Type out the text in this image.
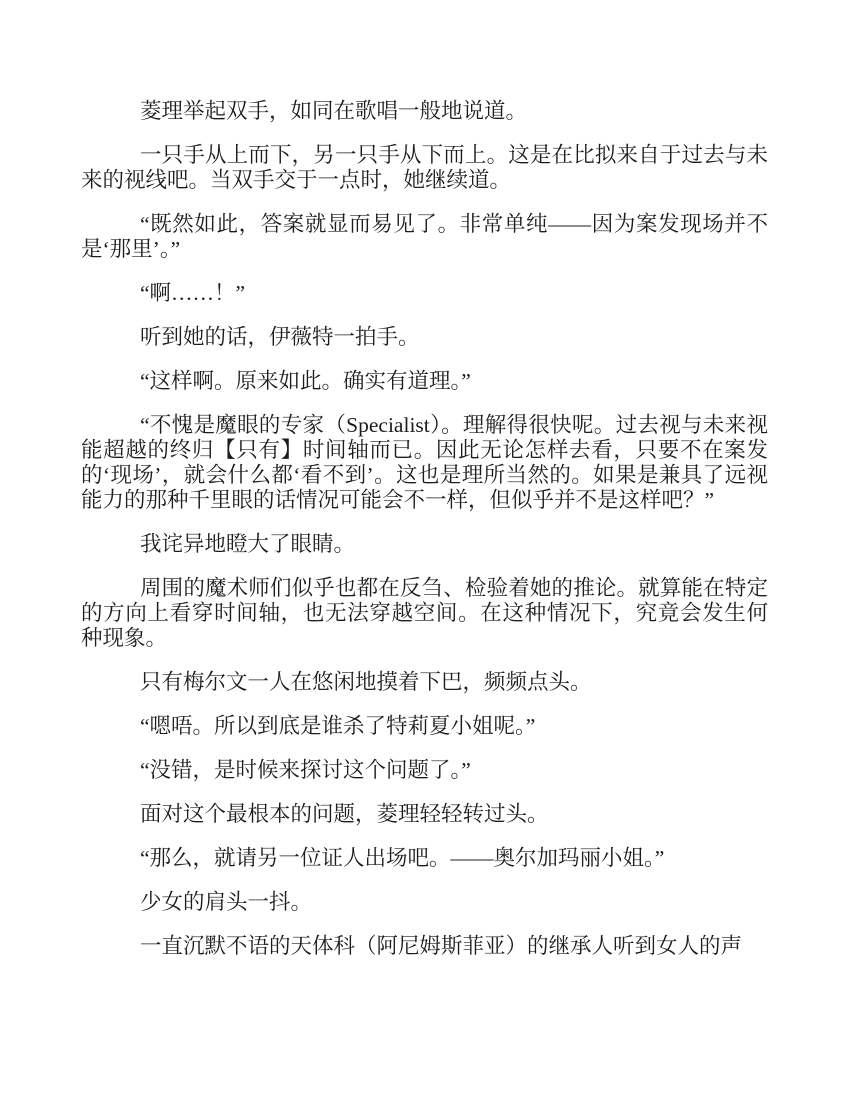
菱理举起双手，如同在歌唱一般地说道。

一只手从上而下，另一只手从下而上。这是在比拟来自于过去与未来的视线吧。当双手交于一点时，她继续道。

“既然如此，答案就显而易见了。非常单纯——因为案发现场并不是‘那里’。”

“啊……！”

听到她的话，伊薇特一拍手。

“这样啊。原来如此。确实有道理。”

“不愧是魔眼的专家（Specialist）。理解得很快呢。过去视与未来视能超越的终归【只有】时间轴而已。因此无论怎样去看，只要不在案发的‘现场’，就会什么都‘看不到’。这也是理所当然的。如果是兼具了远视能力的那种千里眼的话情况可能会不一样，但似乎并不是这样吧？”

我诧异地瞪大了眼睛。

周围的魔术师们似乎也都在反刍、检验着她的推论。就算能在特定的方向上看穿时间轴，也无法穿越空间。在这种情况下，究竟会发生何种现象。

只有梅尔文一人在悠闲地摸着下巴，频频点头。

“嗯唔。所以到底是谁杀了特莉夏小姐呢。”

“没错，是时候来探讨这个问题了。”

面对这个最根本的问题，菱理轻轻转过头。

“那么，就请另一位证人出场吧。——奥尔加玛丽小姐。”

少女的肩头一抖。

一直沉默不语的天体科（阿尼姆斯菲亚）的继承人听到女人的声
